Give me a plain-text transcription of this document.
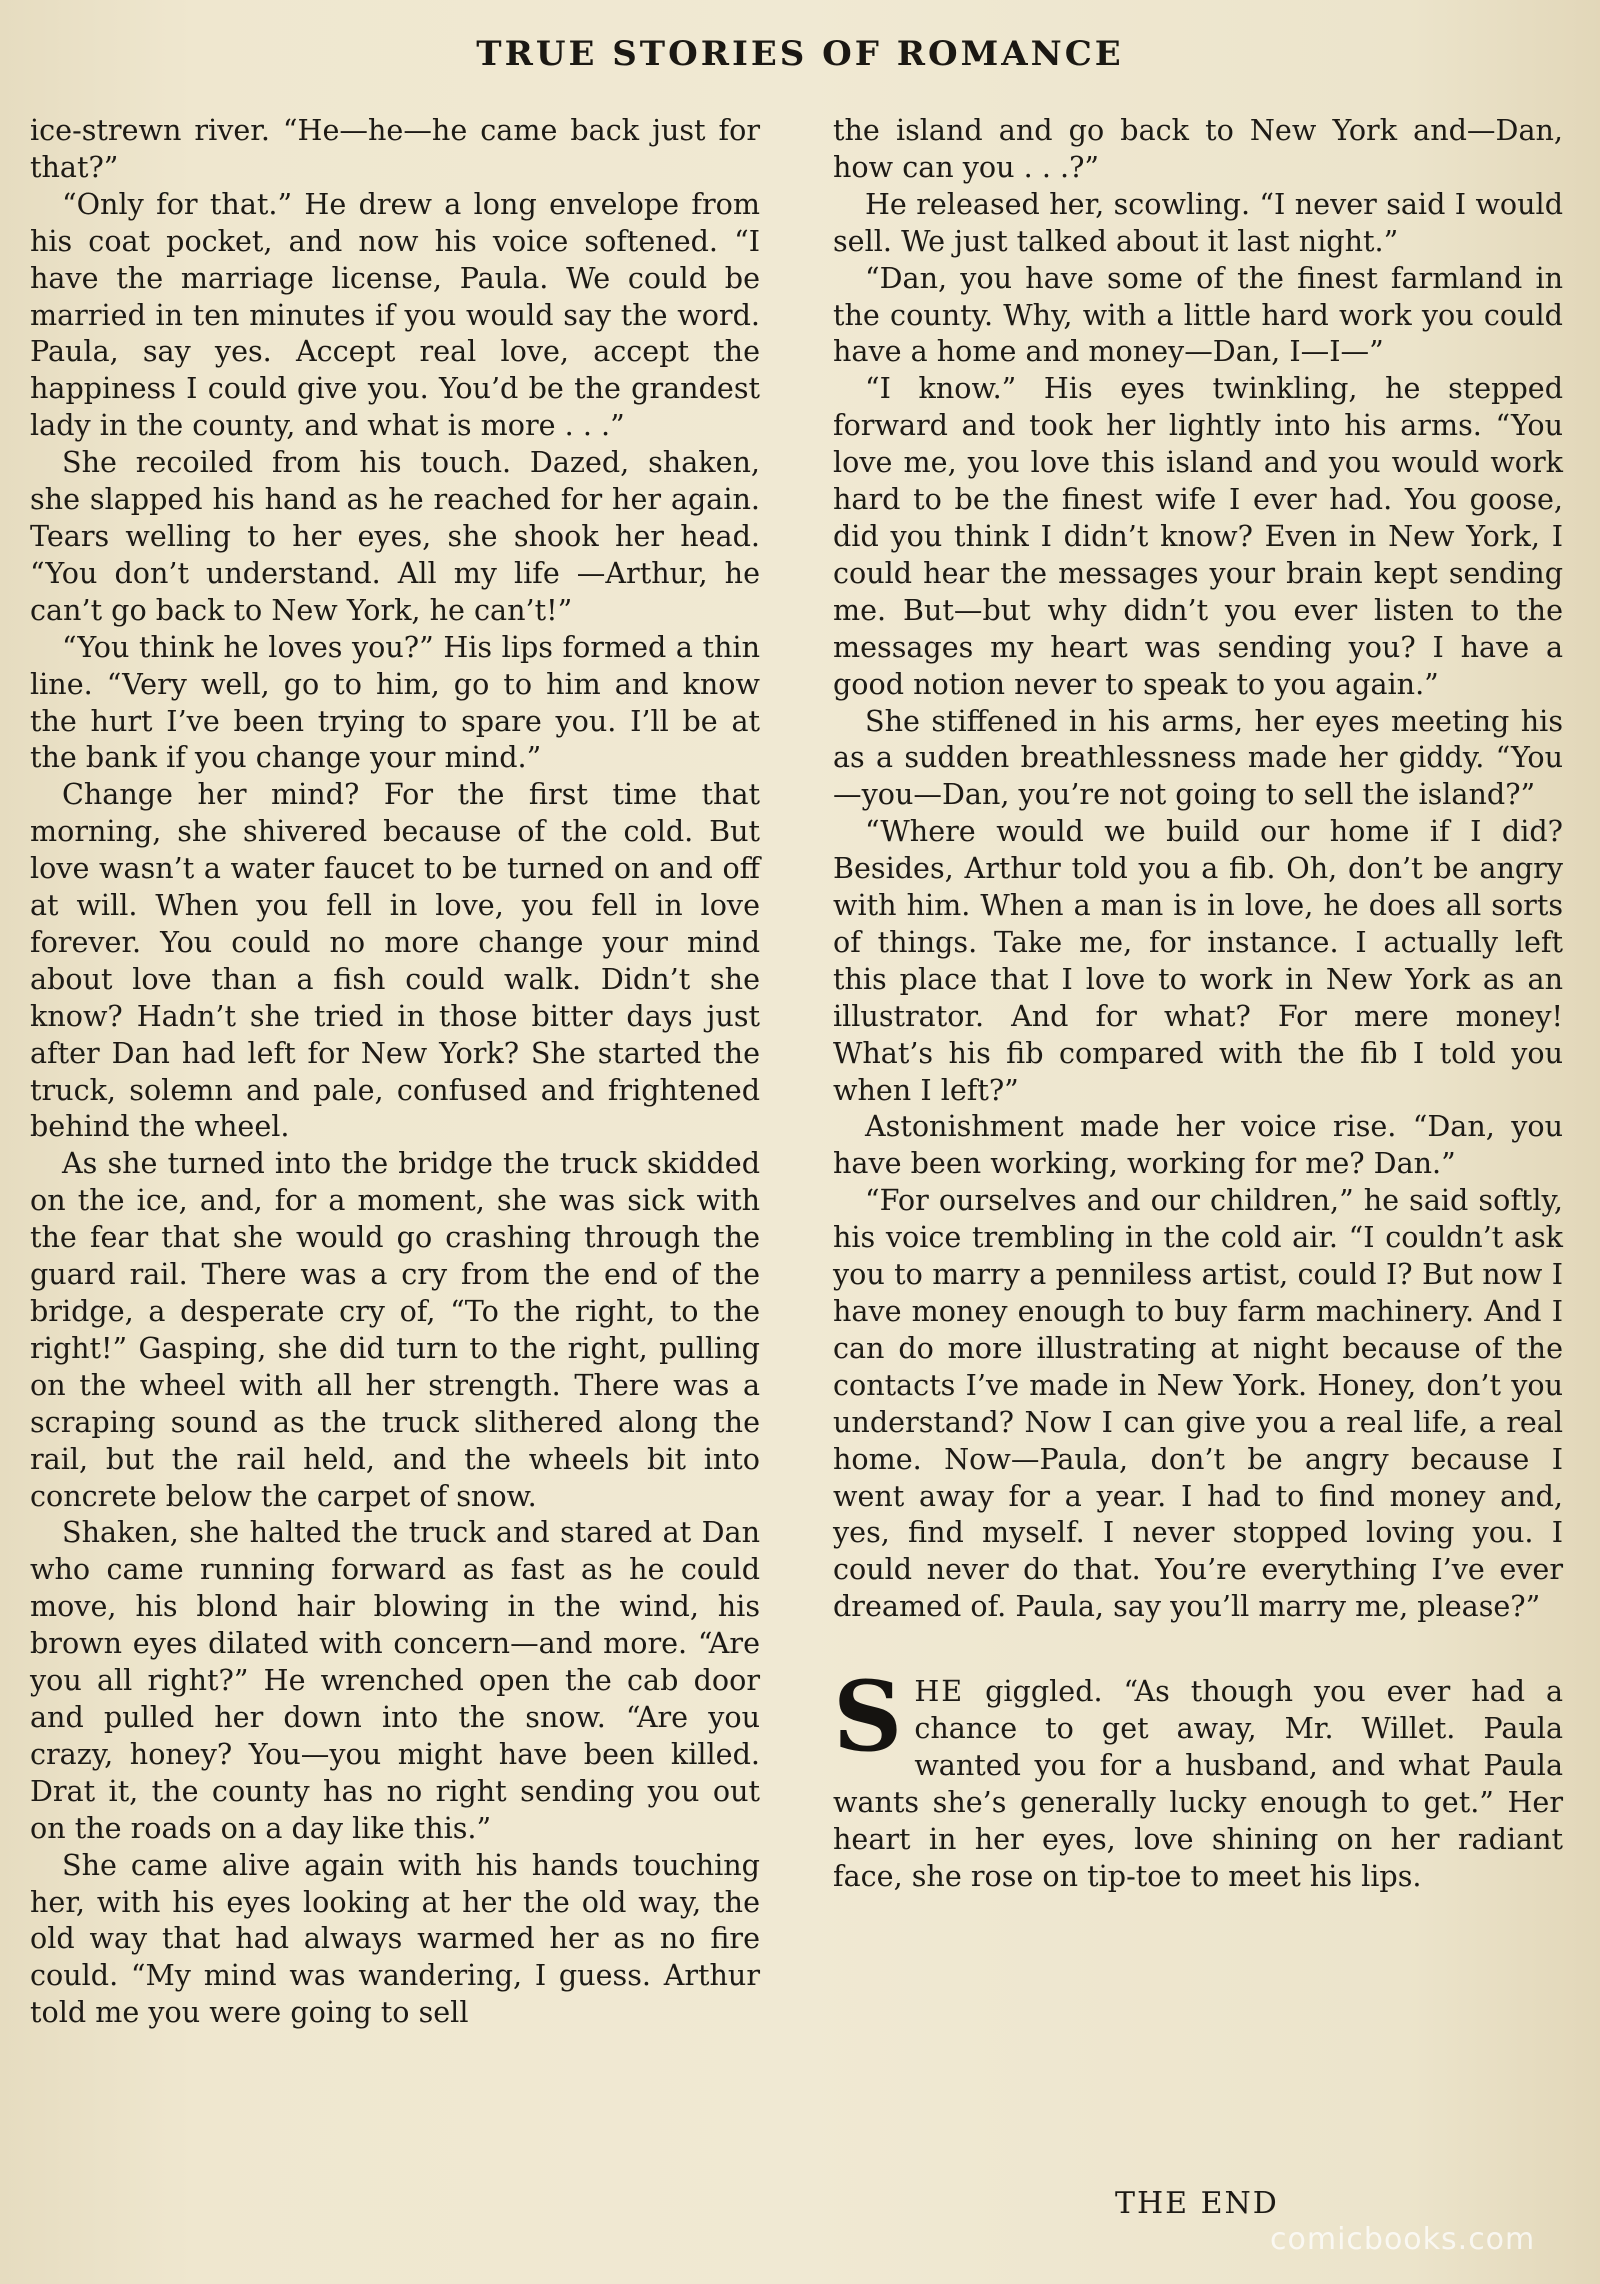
TRUE STORIES OF ROMANCE

ice-strewn river. “He—he—he came back just for that?”

“Only for that.” He drew a long envelope from his coat pocket, and now his voice softened. “I have the marriage license, Paula. We could be married in ten minutes if you would say the word. Paula, say yes. Accept real love, accept the happiness I could give you. You’d be the grandest lady in the county, and what is more . . .”

She recoiled from his touch. Dazed, shaken, she slapped his hand as he reached for her again. Tears welling to her eyes, she shook her head. “You don’t understand. All my life —Arthur, he can’t go back to New York, he can’t!”

“You think he loves you?” His lips formed a thin line. “Very well, go to him, go to him and know the hurt I’ve been trying to spare you. I’ll be at the bank if you change your mind.”

Change her mind? For the first time that morning, she shivered because of the cold. But love wasn’t a water faucet to be turned on and off at will. When you fell in love, you fell in love forever. You could no more change your mind about love than a fish could walk. Didn’t she know? Hadn’t she tried in those bitter days just after Dan had left for New York? She started the truck, solemn and pale, confused and frightened behind the wheel.

As she turned into the bridge the truck skidded on the ice, and, for a moment, she was sick with the fear that she would go crashing through the guard rail. There was a cry from the end of the bridge, a desperate cry of, “To the right, to the right!” Gasping, she did turn to the right, pulling on the wheel with all her strength. There was a scraping sound as the truck slithered along the rail, but the rail held, and the wheels bit into concrete below the carpet of snow.

Shaken, she halted the truck and stared at Dan who came running forward as fast as he could move, his blond hair blowing in the wind, his brown eyes dilated with concern—and more. “Are you all right?” He wrenched open the cab door and pulled her down into the snow. “Are you crazy, honey? You—you might have been killed. Drat it, the county has no right sending you out on the roads on a day like this.”

She came alive again with his hands touching her, with his eyes looking at her the old way, the old way that had always warmed her as no fire could. “My mind was wandering, I guess. Arthur told me you were going to sell

the island and go back to New York and—Dan, how can you . . .?”

He released her, scowling. “I never said I would sell. We just talked about it last night.”

“Dan, you have some of the finest farmland in the county. Why, with a little hard work you could have a home and money—Dan, I—I—”

“I know.” His eyes twinkling, he stepped forward and took her lightly into his arms. “You love me, you love this island and you would work hard to be the finest wife I ever had. You goose, did you think I didn’t know? Even in New York, I could hear the messages your brain kept sending me. But—but why didn’t you ever listen to the messages my heart was sending you? I have a good notion never to speak to you again.”

She stiffened in his arms, her eyes meeting his as a sudden breathlessness made her giddy. “You—you—Dan, you’re not going to sell the island?”

“Where would we build our home if I did? Besides, Arthur told you a fib. Oh, don’t be angry with him. When a man is in love, he does all sorts of things. Take me, for instance. I actually left this place that I love to work in New York as an illustrator. And for what? For mere money! What’s his fib compared with the fib I told you when I left?”

Astonishment made her voice rise. “Dan, you have been working, working for me? Dan.”

“For ourselves and our children,” he said softly, his voice trembling in the cold air. “I couldn’t ask you to marry a penniless artist, could I? But now I have money enough to buy farm machinery. And I can do more illustrating at night because of the contacts I’ve made in New York. Honey, don’t you understand? Now I can give you a real life, a real home. Now—Paula, don’t be angry because I went away for a year. I had to find money and, yes, find myself. I never stopped loving you. I could never do that. You’re everything I’ve ever dreamed of. Paula, say you’ll marry me, please?”

SHE giggled. “As though you ever had a chance to get away, Mr. Willet. Paula wanted you for a husband, and what Paula wants she’s generally lucky enough to get.” Her heart in her eyes, love shining on her radiant face, she rose on tip-toe to meet his lips.

THE END
comicbooks.com
